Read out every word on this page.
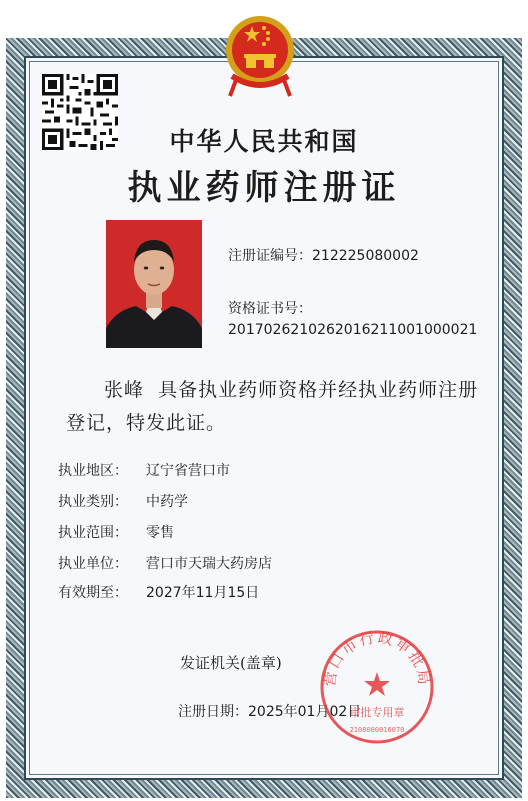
中华人民共和国
执业药师注册证
注册证编号：212225080002
资格证书号：
20170262102620162110010000​21
张峰 具备执业药师资格并经执业药师注册登记，特发此证。
执业地区： 辽宁省营口市
执业类别： 中药学
执业范围： 零售
执业单位： 营口市天瑞大药房店
有效期至： 2027年11月15日
发证机关(盖章)
注册日期：2025年01月02日
营口市行政审批局
审批专用章
2108000016070
